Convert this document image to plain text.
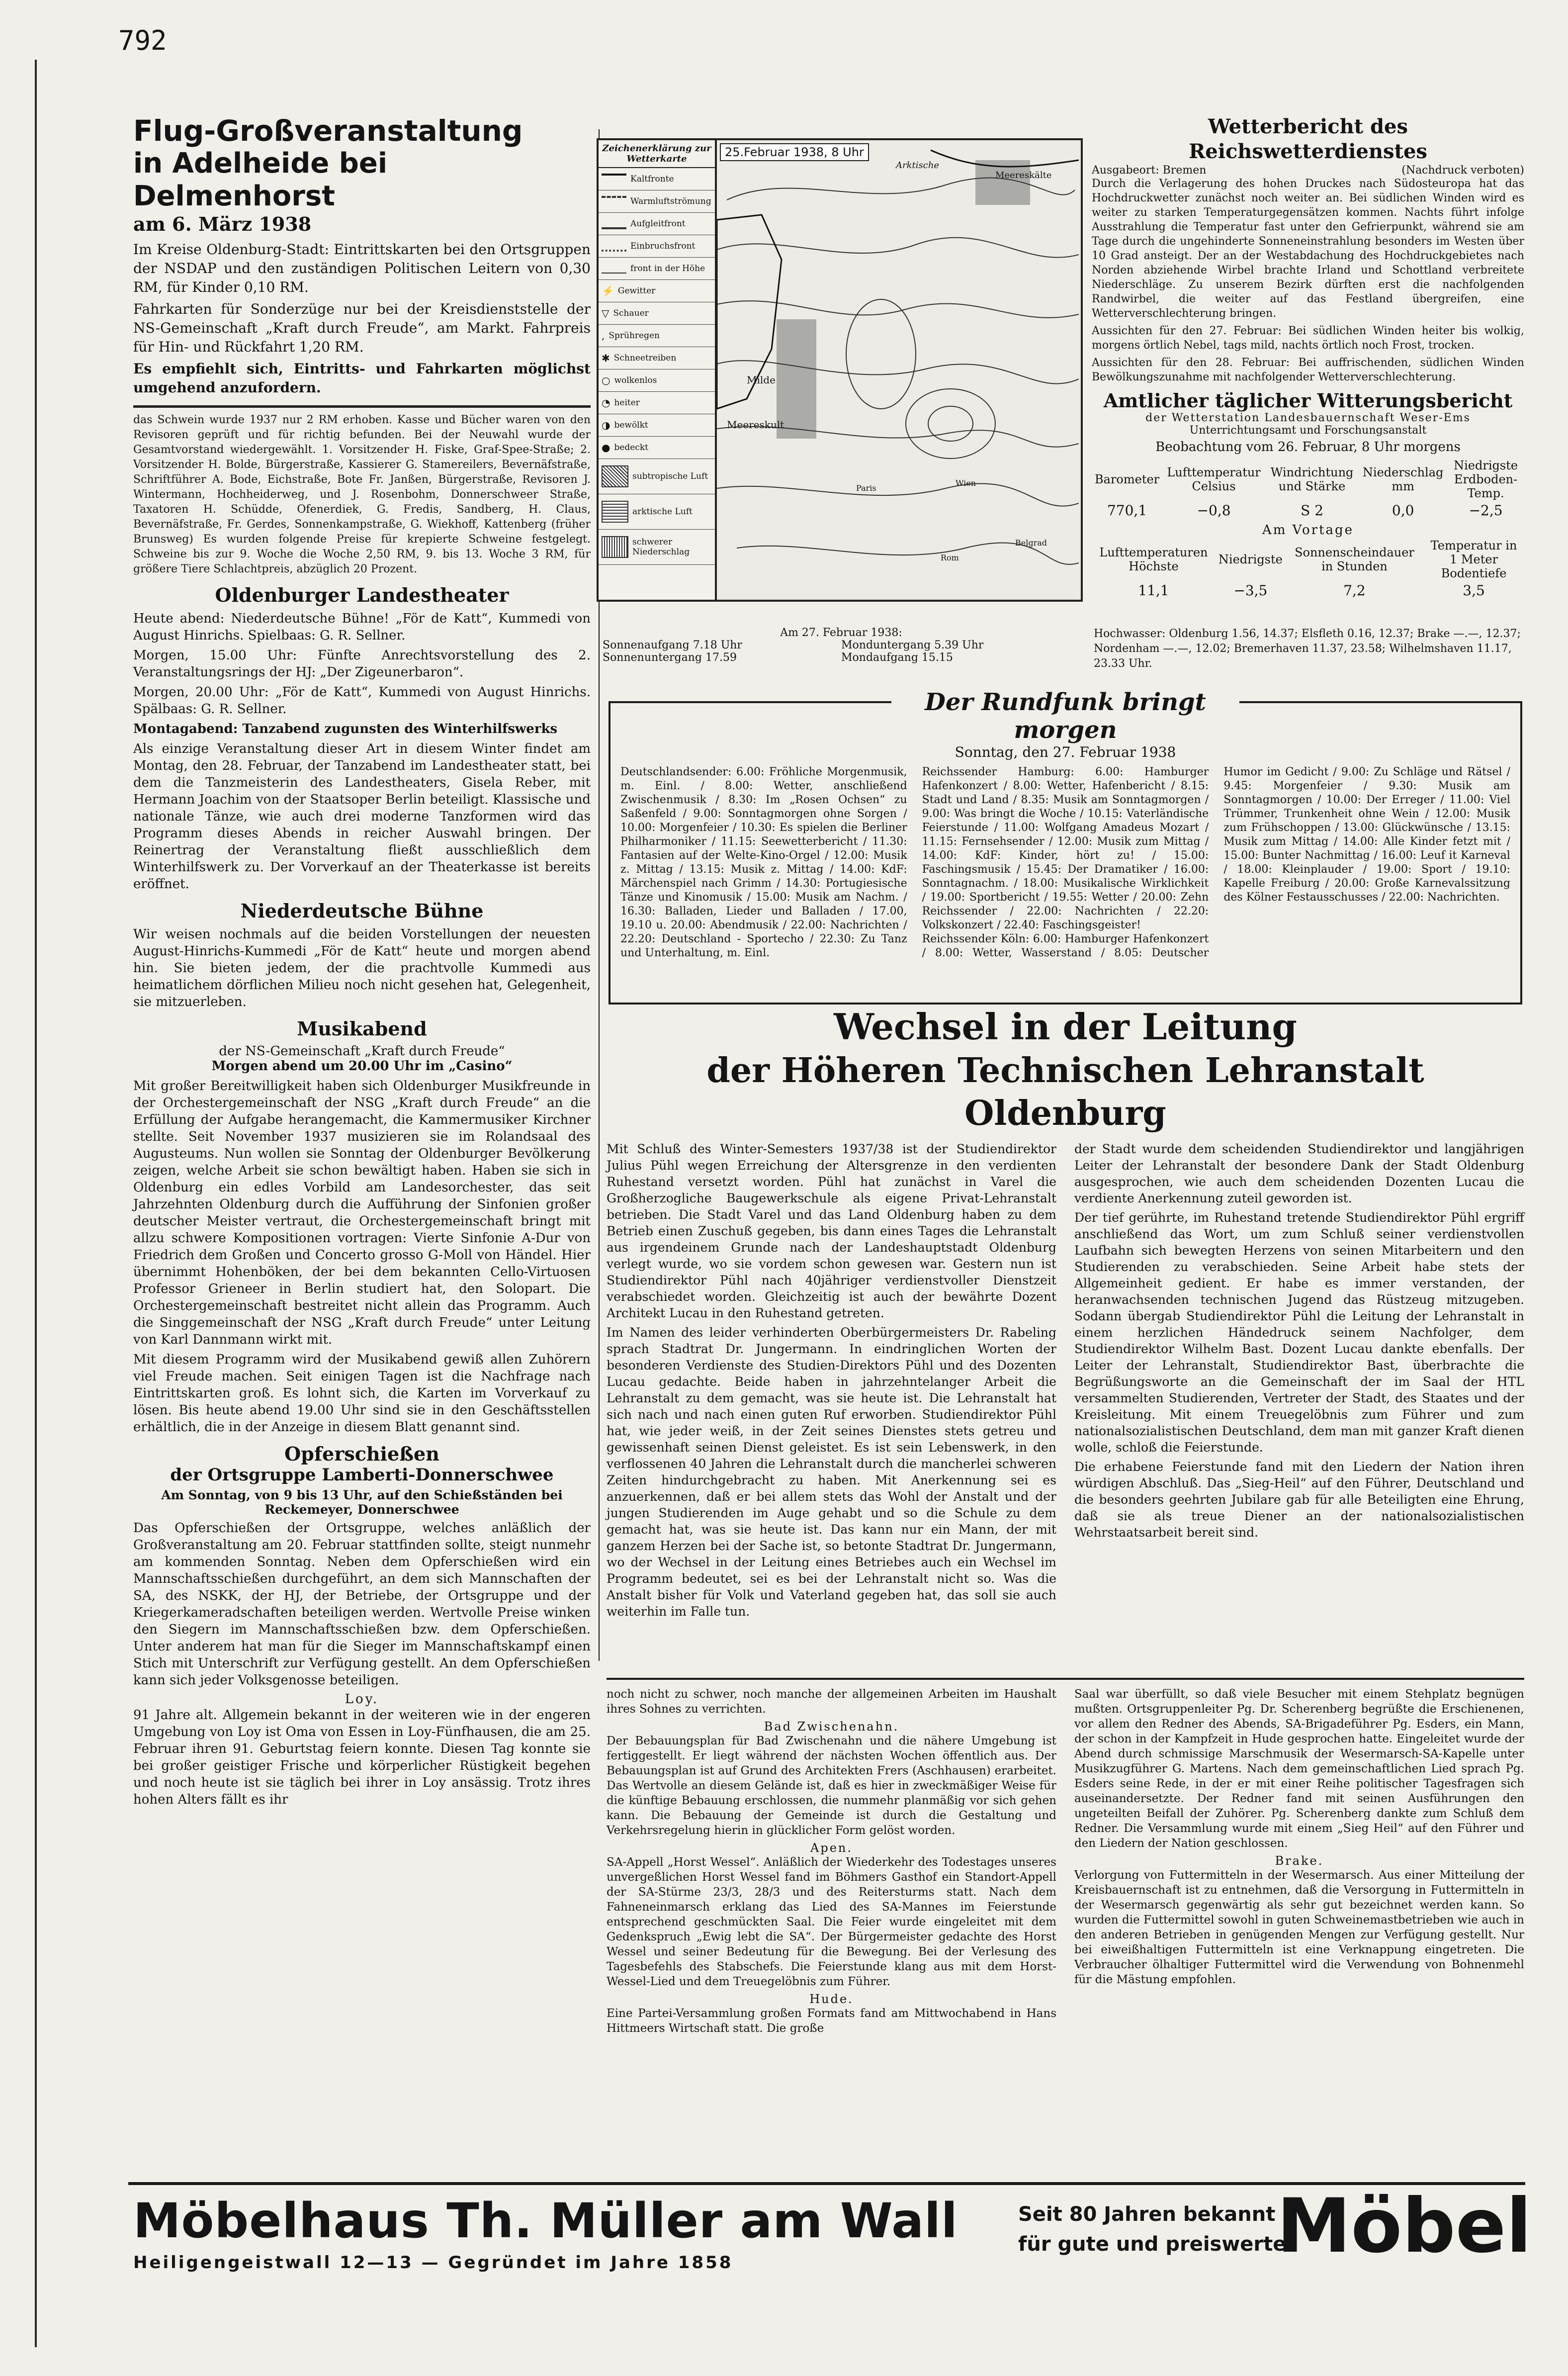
792
Flug-Großveranstaltung
in Adelheide bei Delmenhorst
am 6. März 1938

Im Kreise Oldenburg-Stadt: Eintrittskarten bei den Ortsgruppen der NSDAP und den zuständigen Politischen Leitern von 0,30 RM, für Kinder 0,10 RM.

Fahrkarten für Sonderzüge nur bei der Kreisdienststelle der NS-Gemeinschaft „Kraft durch Freude“, am Markt. Fahrpreis für Hin- und Rückfahrt 1,20 RM.

Es empfiehlt sich, Eintritts- und Fahrkarten möglichst umgehend anzufordern.

das Schwein wurde 1937 nur 2 RM erhoben. Kasse und Bücher waren von den Revisoren geprüft und für richtig befunden. Bei der Neuwahl wurde der Gesamtvorstand wiedergewählt. 1. Vorsitzender H. Fiske, Graf-Spee-Straße; 2. Vorsitzender H. Bolde, Bürgerstraße, Kassierer G. Stamereilers, Bevernäfstraße, Schriftführer A. Bode, Eichstraße, Bote Fr. Janßen, Bürgerstraße, Revisoren J. Wintermann, Hochheiderweg, und J. Rosenbohm, Donnerschweer Straße, Taxatoren H. Schüdde, Ofenerdiek, G. Fredis, Sandberg, H. Claus, Bevernäfstraße, Fr. Gerdes, Sonnenkampstraße, G. Wiekhoff, Kattenberg (früher Brunsweg) Es wurden folgende Preise für krepierte Schweine festgelegt. Schweine bis zur 9. Woche die Woche 2,50 RM, 9. bis 13. Woche 3 RM, für größere Tiere Schlachtpreis, abzüglich 20 Prozent.

Oldenburger Landestheater

Heute abend: Niederdeutsche Bühne! „För de Katt“, Kummedi von August Hinrichs. Spielbaas: G. R. Sellner.

Morgen, 15.00 Uhr: Fünfte Anrechtsvorstellung des 2. Veranstaltungsrings der HJ: „Der Zigeunerbaron“.

Morgen, 20.00 Uhr: „För de Katt“, Kummedi von August Hinrichs. Spälbaas: G. R. Sellner.

Montagabend: Tanzabend zugunsten des Winterhilfswerks

Als einzige Veranstaltung dieser Art in diesem Winter findet am Montag, den 28. Februar, der Tanzabend im Landestheater statt, bei dem die Tanzmeisterin des Landestheaters, Gisela Reber, mit Hermann Joachim von der Staatsoper Berlin beteiligt. Klassische und nationale Tänze, wie auch drei moderne Tanzformen wird das Programm dieses Abends in reicher Auswahl bringen. Der Reinertrag der Veranstaltung fließt ausschließlich dem Winterhilfswerk zu. Der Vorverkauf an der Theaterkasse ist bereits eröffnet.

Niederdeutsche Bühne

Wir weisen nochmals auf die beiden Vorstellungen der neuesten August-Hinrichs-Kummedi „För de Katt“ heute und morgen abend hin. Sie bieten jedem, der die prachtvolle Kummedi aus heimatlichem dörflichen Milieu noch nicht gesehen hat, Gelegenheit, sie mitzuerleben.

Musikabend
der NS-Gemeinschaft „Kraft durch Freude“
Morgen abend um 20.00 Uhr im „Casino“

Mit großer Bereitwilligkeit haben sich Oldenburger Musikfreunde in der Orchestergemeinschaft der NSG „Kraft durch Freude“ an die Erfüllung der Aufgabe herangemacht, die Kammermusiker Kirchner stellte. Seit November 1937 musizieren sie im Rolandsaal des Augusteums. Nun wollen sie Sonntag der Oldenburger Bevölkerung zeigen, welche Arbeit sie schon bewältigt haben. Haben sie sich in Oldenburg ein edles Vorbild am Landesorchester, das seit Jahrzehnten Oldenburg durch die Aufführung der Sinfonien großer deutscher Meister vertraut, die Orchestergemeinschaft bringt mit allzu schwere Kompositionen vortragen: Vierte Sinfonie A-Dur von Friedrich dem Großen und Concerto grosso G-Moll von Händel. Hier übernimmt Hohenböken, der bei dem bekannten Cello-Virtuosen Professor Grieneer in Berlin studiert hat, den Solopart. Die Orchestergemeinschaft bestreitet nicht allein das Programm. Auch die Singgemeinschaft der NSG „Kraft durch Freude“ unter Leitung von Karl Dannmann wirkt mit.

Mit diesem Programm wird der Musikabend gewiß allen Zuhörern viel Freude machen. Seit einigen Tagen ist die Nachfrage nach Eintrittskarten groß. Es lohnt sich, die Karten im Vorverkauf zu lösen. Bis heute abend 19.00 Uhr sind sie in den Geschäftsstellen erhältlich, die in der Anzeige in diesem Blatt genannt sind.

Opferschießen
der Ortsgruppe Lamberti-Donnerschwee
Am Sonntag, von 9 bis 13 Uhr, auf den Schießständen bei Reckemeyer, Donnerschwee

Das Opferschießen der Ortsgruppe, welches anläßlich der Großveranstaltung am 20. Februar stattfinden sollte, steigt nunmehr am kommenden Sonntag. Neben dem Opferschießen wird ein Mannschaftsschießen durchgeführt, an dem sich Mannschaften der SA, des NSKK, der HJ, der Betriebe, der Ortsgruppe und der Kriegerkameradschaften beteiligen werden. Wertvolle Preise winken den Siegern im Mannschaftsschießen bzw. dem Opferschießen. Unter anderem hat man für die Sieger im Mannschaftskampf einen Stich mit Unterschrift zur Verfügung gestellt. An dem Opferschießen kann sich jeder Volksgenosse beteiligen.

Loy.

91 Jahre alt. Allgemein bekannt in der weiteren wie in der engeren Umgebung von Loy ist Oma von Essen in Loy-Fünfhausen, die am 25. Februar ihren 91. Geburtstag feiern konnte. Diesen Tag konnte sie bei großer geistiger Frische und körperlicher Rüstigkeit begehen und noch heute ist sie täglich bei ihrer in Loy ansässig. Trotz ihres hohen Alters fällt es ihr

Zeichenerklärung zur Wetterkarte
Kaltfronte
Warmluftströmung
Aufgleitfront
Einbruchsfront
front in der Höhe
⚡ Gewitter
▽ Schauer
, Sprühregen
✱ Schneetreiben
○ wolkenlos
◔ heiter
◑ bewölkt
● bedeckt
subtropische Luft
arktische Luft
schwerer Niederschlag
25.Februar 1938, 8 Uhr
Arktische
Meereskälte
Milde
Meereskult
Paris
Rom
Belgrad
Wien
Wetterbericht des Reichswetterdienstes
Ausgabeort: Bremen	(Nachdruck verboten)

Durch die Verlagerung des hohen Druckes nach Südosteuropa hat das Hochdruckwetter zunächst noch weiter an. Bei südlichen Winden wird es weiter zu starken Temperaturgegensätzen kommen. Nachts führt infolge Ausstrahlung die Temperatur fast unter den Gefrierpunkt, während sie am Tage durch die ungehinderte Sonneneinstrahlung besonders im Westen über 10 Grad ansteigt. Der an der Westabdachung des Hochdruckgebietes nach Norden abziehende Wirbel brachte Irland und Schottland verbreitete Niederschläge. Zu unserem Bezirk dürften erst die nachfolgenden Randwirbel, die weiter auf das Festland übergreifen, eine Wetterverschlechterung bringen.

Aussichten für den 27. Februar: Bei südlichen Winden heiter bis wolkig, morgens örtlich Nebel, tags mild, nachts örtlich noch Frost, trocken.

Aussichten für den 28. Februar: Bei auffrischenden, südlichen Winden Bewölkungszunahme mit nachfolgender Wetterverschlechterung.

Amtlicher täglicher Witterungsbericht
der Wetterstation Landesbauernschaft Weser-Ems
Unterrichtungsamt und Forschungsanstalt
Beobachtung vom 26. Februar, 8 Uhr morgens
Barometer	Lufttemperatur Celsius	Windrichtung und Stärke	Niederschlag mm	Niedrigste Erdboden-Temp.
770,1	−0,8	S 2	0,0	−2,5
Am Vortage
Lufttemperaturen Höchste	Niedrigste	Sonnenscheindauer in Stunden	Temperatur in 1 Meter Bodentiefe
11,1	−3,5	7,2	3,5
Am 27. Februar 1938:
Sonnenaufgang 7.18 Uhr	Monduntergang 5.39 Uhr
Sonnenuntergang 17.59	Mondaufgang 15.15
Hochwasser: Oldenburg 1.56, 14.37; Elsfleth 0.16, 12.37; Brake —.—, 12.37; Nordenham —.—, 12.02; Bremerhaven 11.37, 23.58; Wilhelmshaven 11.17, 23.33 Uhr.
Der Rundfunk bringt morgen
Sonntag, den 27. Februar 1938

Deutschlandsender: 6.00: Fröhliche Morgenmusik, m. Einl. / 8.00: Wetter, anschließend Zwischenmusik / 8.30: Im „Rosen Ochsen“ zu Saßenfeld / 9.00: Sonntagmorgen ohne Sorgen / 10.00: Morgenfeier / 10.30: Es spielen die Berliner Philharmoniker / 11.15: Seewetterbericht / 11.30: Fantasien auf der Welte-Kino-Orgel / 12.00: Musik z. Mittag / 13.15: Musik z. Mittag / 14.00: KdF: Märchenspiel nach Grimm / 14.30: Portugiesische Tänze und Kinomusik / 15.00: Musik am Nachm. / 16.30: Balladen, Lieder und Balladen / 17.00, 19.10 u. 20.00: Abendmusik / 22.00: Nachrichten / 22.20: Deutschland - Sportecho / 22.30: Zu Tanz und Unterhaltung, m. Einl.

Reichssender Hamburg: 6.00: Hamburger Hafenkonzert / 8.00: Wetter, Hafenbericht / 8.15: Stadt und Land / 8.35: Musik am Sonntagmorgen / 9.00: Was bringt die Woche / 10.15: Vaterländische Feierstunde / 11.00: Wolfgang Amadeus Mozart / 11.15: Fernsehsender / 12.00: Musik zum Mittag / 14.00: KdF: Kinder, hört zu! / 15.00: Faschingsmusik / 15.45: Der Dramatiker / 16.00: Sonntagnachm. / 18.00: Musikalische Wirklichkeit / 19.00: Sportbericht / 19.55: Wetter / 20.00: Zehn Reichssender / 22.00: Nachrichten / 22.20: Volkskonzert / 22.40: Faschingsgeister!

Reichssender Köln: 6.00: Hamburger Hafenkonzert / 8.00: Wetter, Wasserstand / 8.05: Deutscher Humor im Gedicht / 9.00: Zu Schläge und Rätsel / 9.45: Morgenfeier / 9.30: Musik am Sonntagmorgen / 10.00: Der Erreger / 11.00: Viel Trümmer, Trunkenheit ohne Wein / 12.00: Musik zum Frühschoppen / 13.00: Glückwünsche / 13.15: Musik zum Mittag / 14.00: Alle Kinder fetzt mit / 15.00: Bunter Nachmittag / 16.00: Leuf it Karneval / 18.00: Kleinplauder / 19.00: Sport / 19.10: Kapelle Freiburg / 20.00: Große Karnevalssitzung des Kölner Festausschusses / 22.00: Nachrichten.

Wechsel in der Leitung
der Höheren Technischen Lehranstalt Oldenburg

Mit Schluß des Winter-Semesters 1937/38 ist der Studiendirektor Julius Pühl wegen Erreichung der Altersgrenze in den verdienten Ruhestand versetzt worden. Pühl hat zunächst in Varel die Großherzogliche Baugewerkschule als eigene Privat-Lehranstalt betrieben. Die Stadt Varel und das Land Oldenburg haben zu dem Betrieb einen Zuschuß gegeben, bis dann eines Tages die Lehranstalt aus irgendeinem Grunde nach der Landeshauptstadt Oldenburg verlegt wurde, wo sie vordem schon gewesen war. Gestern nun ist Studiendirektor Pühl nach 40jähriger verdienstvoller Dienstzeit verabschiedet worden. Gleichzeitig ist auch der bewährte Dozent Architekt Lucau in den Ruhestand getreten.

Im Namen des leider verhinderten Oberbürgermeisters Dr. Rabeling sprach Stadtrat Dr. Jungermann. In eindringlichen Worten der besonderen Verdienste des Studien-Direktors Pühl und des Dozenten Lucau gedachte. Beide haben in jahrzehntelanger Arbeit die Lehranstalt zu dem gemacht, was sie heute ist. Die Lehranstalt hat sich nach und nach einen guten Ruf erworben. Studiendirektor Pühl hat, wie jeder weiß, in der Zeit seines Dienstes stets getreu und gewissenhaft seinen Dienst geleistet. Es ist sein Lebenswerk, in den verflossenen 40 Jahren die Lehranstalt durch die mancherlei schweren Zeiten hindurchgebracht zu haben. Mit Anerkennung sei es anzuerkennen, daß er bei allem stets das Wohl der Anstalt und der jungen Studierenden im Auge gehabt und so die Schule zu dem gemacht hat, was sie heute ist. Das kann nur ein Mann, der mit ganzem Herzen bei der Sache ist, so betonte Stadtrat Dr. Jungermann, wo der Wechsel in der Leitung eines Betriebes auch ein Wechsel im Programm bedeutet, sei es bei der Lehranstalt nicht so. Was die Anstalt bisher für Volk und Vaterland gegeben hat, das soll sie auch weiterhin im Falle tun.

der Stadt wurde dem scheidenden Studiendirektor und langjährigen Leiter der Lehranstalt der besondere Dank der Stadt Oldenburg ausgesprochen, wie auch dem scheidenden Dozenten Lucau die verdiente Anerkennung zuteil geworden ist.

Der tief gerührte, im Ruhestand tretende Studiendirektor Pühl ergriff anschließend das Wort, um zum Schluß seiner verdienstvollen Laufbahn sich bewegten Herzens von seinen Mitarbeitern und den Studierenden zu verabschieden. Seine Arbeit habe stets der Allgemeinheit gedient. Er habe es immer verstanden, der heranwachsenden technischen Jugend das Rüstzeug mitzugeben. Sodann übergab Studiendirektor Pühl die Leitung der Lehranstalt in einem herzlichen Händedruck seinem Nachfolger, dem Studiendirektor Wilhelm Bast. Dozent Lucau dankte ebenfalls. Der Leiter der Lehranstalt, Studiendirektor Bast, überbrachte die Begrüßungsworte an die Gemeinschaft der im Saal der HTL versammelten Studierenden, Vertreter der Stadt, des Staates und der Kreisleitung. Mit einem Treuegelöbnis zum Führer und zum nationalsozialistischen Deutschland, dem man mit ganzer Kraft dienen wolle, schloß die Feierstunde.

Die erhabene Feierstunde fand mit den Liedern der Nation ihren würdigen Abschluß. Das „Sieg-Heil“ auf den Führer, Deutschland und die besonders geehrten Jubilare gab für alle Beteiligten eine Ehrung, daß sie als treue Diener an der nationalsozialistischen Wehrstaatsarbeit bereit sind.

noch nicht zu schwer, noch manche der allgemeinen Arbeiten im Haushalt ihres Sohnes zu verrichten.

Bad Zwischenahn.

Der Bebauungsplan für Bad Zwischenahn und die nähere Umgebung ist fertiggestellt. Er liegt während der nächsten Wochen öffentlich aus. Der Bebauungsplan ist auf Grund des Architekten Frers (Aschhausen) erarbeitet. Das Wertvolle an diesem Gelände ist, daß es hier in zweckmäßiger Weise für die künftige Bebauung erschlossen, die nummehr planmäßig vor sich gehen kann. Die Bebauung der Gemeinde ist durch die Gestaltung und Verkehrsregelung hierin in glücklicher Form gelöst worden.

Apen.

SA-Appell „Horst Wessel“. Anläßlich der Wiederkehr des Todestages unseres unvergeßlichen Horst Wessel fand im Böhmers Gasthof ein Standort-Appell der SA-Stürme 23/3, 28/3 und des Reitersturms statt. Nach dem Fahneneinmarsch erklang das Lied des SA-Mannes im Feierstunde entsprechend geschmückten Saal. Die Feier wurde eingeleitet mit dem Gedenkspruch „Ewig lebt die SA“. Der Bürgermeister gedachte des Horst Wessel und seiner Bedeutung für die Bewegung. Bei der Verlesung des Tagesbefehls des Stabschefs. Die Feierstunde klang aus mit dem Horst-Wessel-Lied und dem Treuegelöbnis zum Führer.

Hude.

Eine Partei-Versammlung großen Formats fand am Mittwochabend in Hans Hittmeers Wirtschaft statt. Die große

Saal war überfüllt, so daß viele Besucher mit einem Stehplatz begnügen mußten. Ortsgruppenleiter Pg. Dr. Scherenberg begrüßte die Erschienenen, vor allem den Redner des Abends, SA-Brigadeführer Pg. Esders, ein Mann, der schon in der Kampfzeit in Hude gesprochen hatte. Eingeleitet wurde der Abend durch schmissige Marschmusik der Wesermarsch-SA-Kapelle unter Musikzugführer G. Martens. Nach dem gemeinschaftlichen Lied sprach Pg. Esders seine Rede, in der er mit einer Reihe politischer Tagesfragen sich auseinandersetzte. Der Redner fand mit seinen Ausführungen den ungeteilten Beifall der Zuhörer. Pg. Scherenberg dankte zum Schluß dem Redner. Die Versammlung wurde mit einem „Sieg Heil“ auf den Führer und den Liedern der Nation geschlossen.

Brake.

Verlorgung von Futtermitteln in der Wesermarsch. Aus einer Mitteilung der Kreisbauernschaft ist zu entnehmen, daß die Versorgung in Futtermitteln in der Wesermarsch gegenwärtig als sehr gut bezeichnet werden kann. So wurden die Futtermittel sowohl in guten Schweinemastbetrieben wie auch in den anderen Betrieben in genügenden Mengen zur Verfügung gestellt. Nur bei eiweißhaltigen Futtermitteln ist eine Verknappung eingetreten. Die Verbraucher ölhaltiger Futtermittel wird die Verwendung von Bohnenmehl für die Mästung empfohlen.

Möbelhaus Th. Müller am Wall
Heiligengeistwall 12—13 — Gegründet im Jahre 1858
Seit 80 Jahren bekannt
für gute und preiswerte
Möbel
